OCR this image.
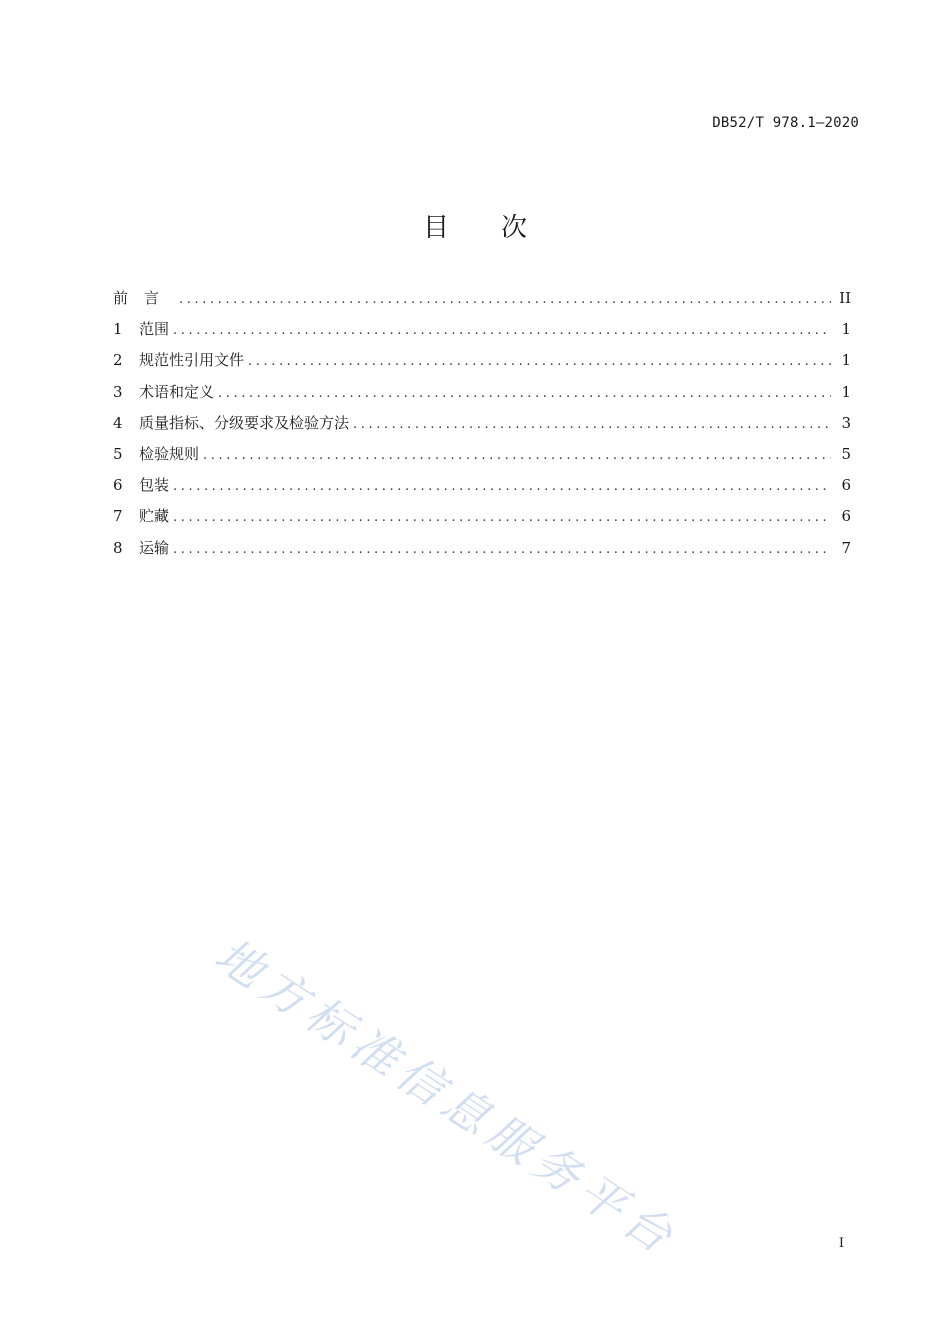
DB52/T 978.1—2020
目 次
前言 .....	II
1	范围 .....	1
2	规范性引用文件 .....	1
3	术语和定义 .....	1
4	质量指标、分级要求及检验方法 .....	3
5	检验规则 .....	5
6	包装 .....	6
7	贮藏 .....	6
8	运输 .....	7
地方标准信息服务平台	I
